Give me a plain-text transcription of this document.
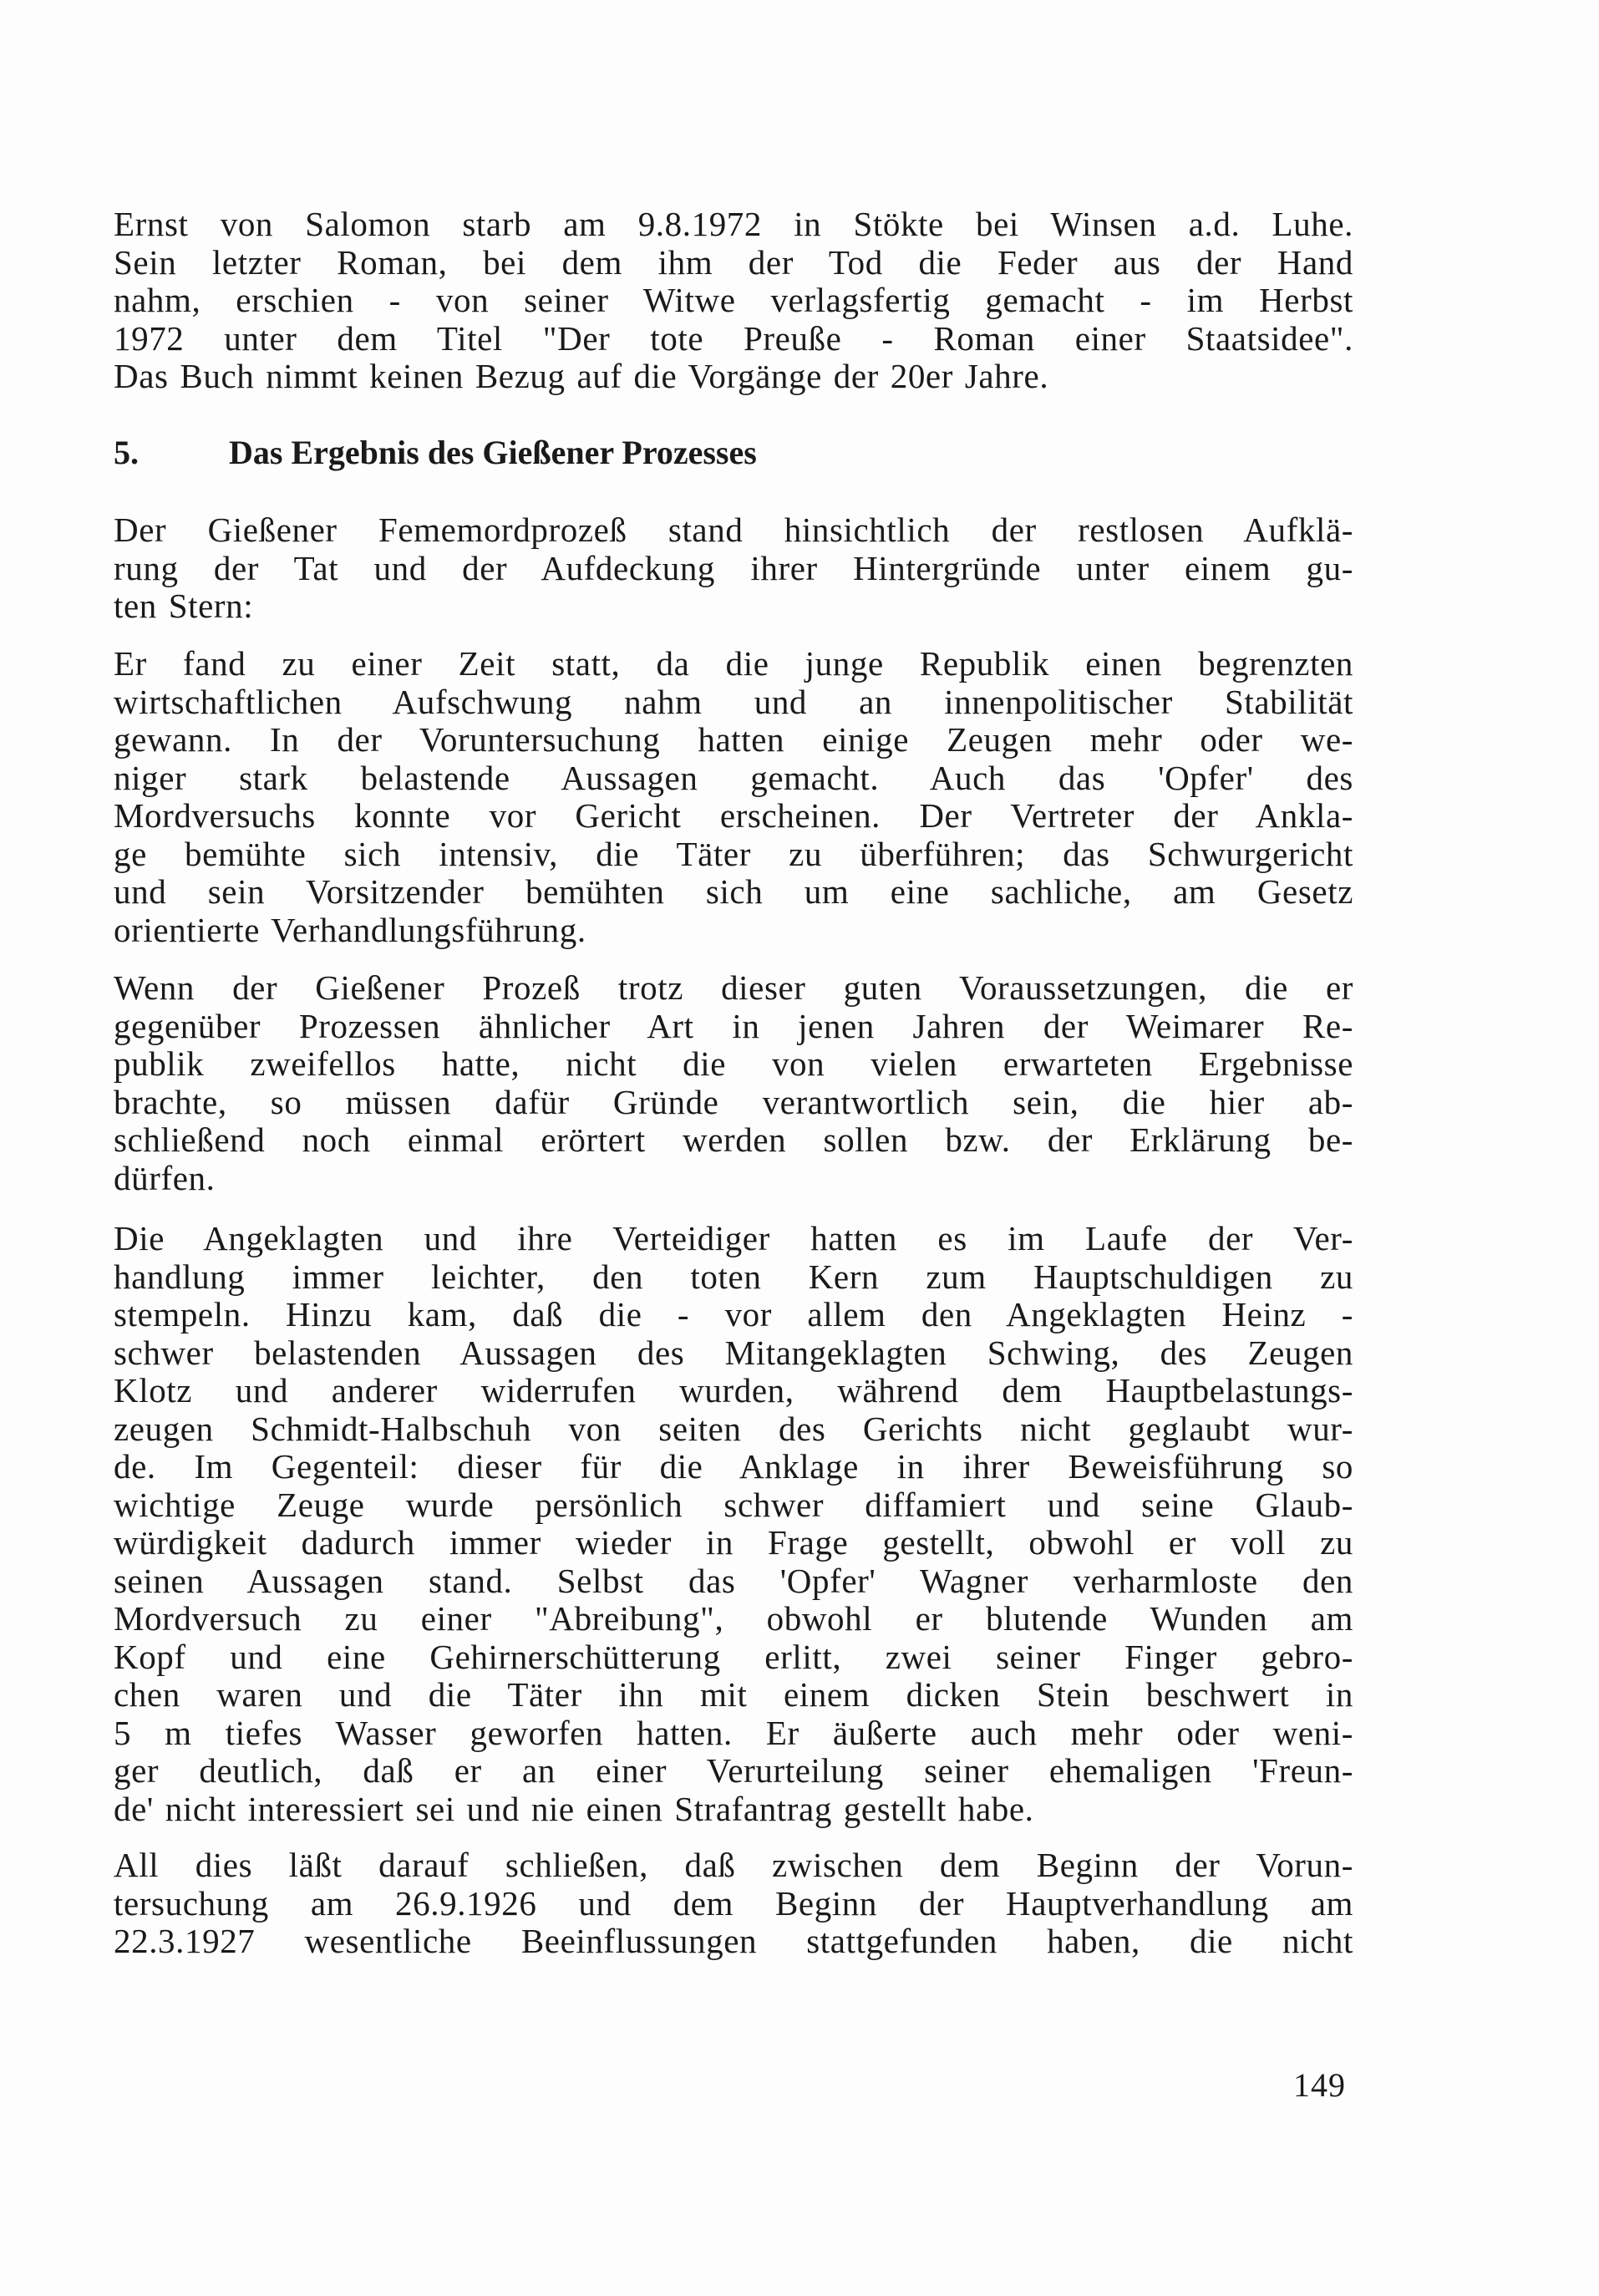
Ernst von Salomon starb am 9.8.1972 in Stökte bei Winsen a.d. Luhe.
Sein letzter Roman, bei dem ihm der Tod die Feder aus der Hand
nahm, erschien - von seiner Witwe verlagsfertig gemacht - im Herbst
1972 unter dem Titel "Der tote Preuße - Roman einer Staatsidee".
Das Buch nimmt keinen Bezug auf die Vorgänge der 20er Jahre.
5.	Das Ergebnis des Gießener Prozesses
Der Gießener Fememordprozeß stand hinsichtlich der restlosen Aufklä-
rung der Tat und der Aufdeckung ihrer Hintergründe unter einem gu-
ten Stern:
Er fand zu einer Zeit statt, da die junge Republik einen begrenzten
wirtschaftlichen Aufschwung nahm und an innenpolitischer Stabilität
gewann. In der Voruntersuchung hatten einige Zeugen mehr oder we-
niger stark belastende Aussagen gemacht. Auch das 'Opfer' des
Mordversuchs konnte vor Gericht erscheinen. Der Vertreter der Ankla-
ge bemühte sich intensiv, die Täter zu überführen; das Schwurgericht
und sein Vorsitzender bemühten sich um eine sachliche, am Gesetz
orientierte Verhandlungsführung.
Wenn der Gießener Prozeß trotz dieser guten Voraussetzungen, die er
gegenüber Prozessen ähnlicher Art in jenen Jahren der Weimarer Re-
publik zweifellos hatte, nicht die von vielen erwarteten Ergebnisse
brachte, so müssen dafür Gründe verantwortlich sein, die hier ab-
schließend noch einmal erörtert werden sollen bzw. der Erklärung be-
dürfen.
Die Angeklagten und ihre Verteidiger hatten es im Laufe der Ver-
handlung immer leichter, den toten Kern zum Hauptschuldigen zu
stempeln. Hinzu kam, daß die - vor allem den Angeklagten Heinz -
schwer belastenden Aussagen des Mitangeklagten Schwing, des Zeugen
Klotz und anderer widerrufen wurden, während dem Hauptbelastungs-
zeugen Schmidt-Halbschuh von seiten des Gerichts nicht geglaubt wur-
de. Im Gegenteil: dieser für die Anklage in ihrer Beweisführung so
wichtige Zeuge wurde persönlich schwer diffamiert und seine Glaub-
würdigkeit dadurch immer wieder in Frage gestellt, obwohl er voll zu
seinen Aussagen stand. Selbst das 'Opfer' Wagner verharmloste den
Mordversuch zu einer "Abreibung", obwohl er blutende Wunden am
Kopf und eine Gehirnerschütterung erlitt, zwei seiner Finger gebro-
chen waren und die Täter ihn mit einem dicken Stein beschwert in
5 m tiefes Wasser geworfen hatten. Er äußerte auch mehr oder weni-
ger deutlich, daß er an einer Verurteilung seiner ehemaligen 'Freun-
de' nicht interessiert sei und nie einen Strafantrag gestellt habe.
All dies läßt darauf schließen, daß zwischen dem Beginn der Vorun-
tersuchung am 26.9.1926 und dem Beginn der Hauptverhandlung am
22.3.1927 wesentliche Beeinflussungen stattgefunden haben, die nicht
149
